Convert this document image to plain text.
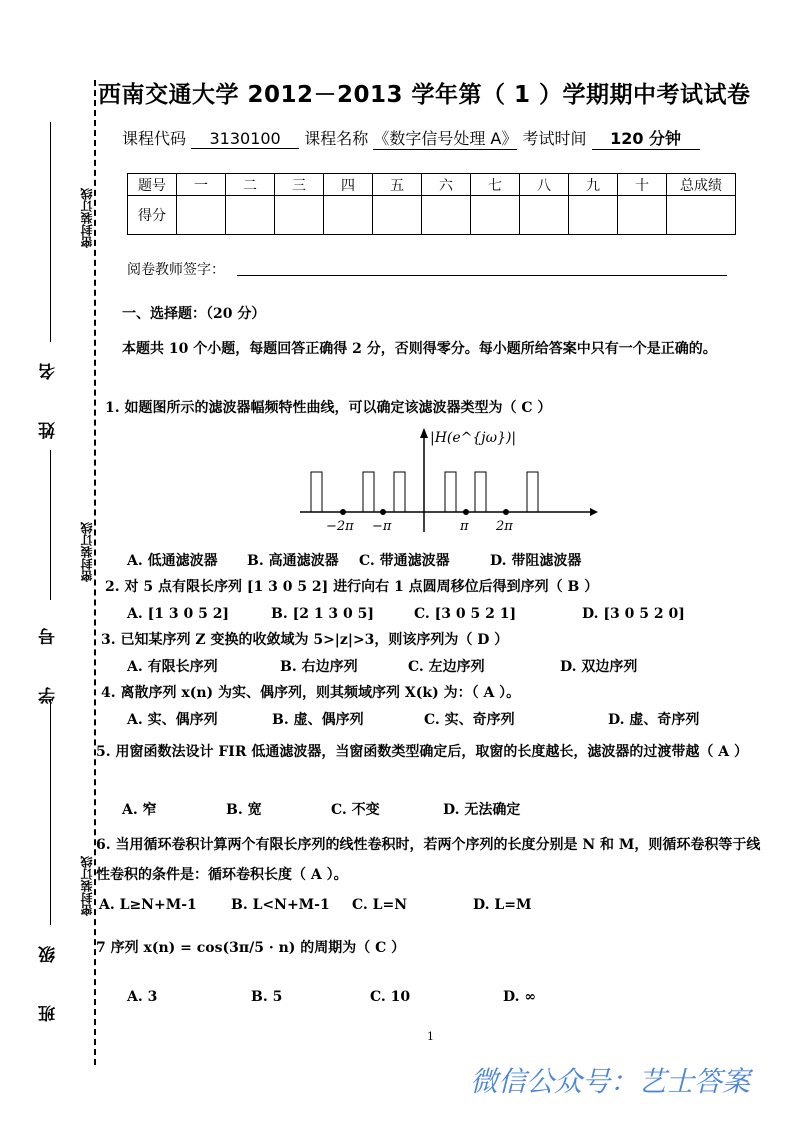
密封装订线
密封装订线
密封装订线
姓 名
学 号
班 级
西南交通大学 2012－2013 学年第（ 1 ）学期期中考试试卷
课程代码 3130100 课程名称 《数字信号处理 A》 考试时间 120 分钟
题号	一	二	三	四	五	六	七	八	九	十	总成绩
得分											
阅卷教师签字：
一、选择题：（20 分）
本题共 10 个小题，每题回答正确得 2 分，否则得零分。每小题所给答案中只有一个是正确的。
1. 如题图所示的滤波器幅频特性曲线，可以确定该滤波器类型为（ C ）
|H(e^{jω})|
−2π −π	π 2π
A. 低通滤波器 B. 高通滤波器 C. 带通滤波器	D. 带阻滤波器
2. 对 5 点有限长序列 [1 3 0 5 2] 进行向右 1 点圆周移位后得到序列（ B ）
A. [1 3 0 5 2]	B. [2 1 3 0 5]	C. [3 0 5 2 1]	D. [3 0 5 2 0]
3. 已知某序列 Z 变换的收敛域为 5>|z|>3，则该序列为（ D ）
A. 有限长序列	B. 右边序列	C. 左边序列	D. 双边序列
4. 离散序列 x(n) 为实、偶序列，则其频域序列 X(k) 为：（ A ）。
A. 实、偶序列	B. 虚、偶序列	C. 实、奇序列	D. 虚、奇序列
5. 用窗函数法设计 FIR 低通滤波器，当窗函数类型确定后，取窗的长度越长，滤波器的过渡带越（ A ）
A. 窄	B. 宽	C. 不变	D. 无法确定
6. 当用循环卷积计算两个有限长序列的线性卷积时，若两个序列的长度分别是 N 和 M，则循环卷积等于线性卷积的条件是：循环卷积长度（ A ）。
A. L≥N+M-1 B. L<N+M-1 C. L=N	D. L=M
7 序列 x(n) = cos(3π/5 · n) 的周期为（ C ）
A. 3	B. 5	C. 10	D. ∞
1
微信公众号：艺士答案
